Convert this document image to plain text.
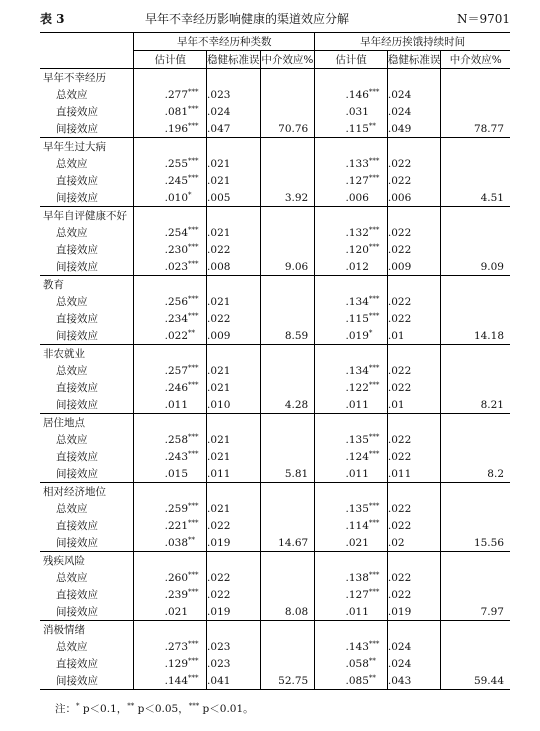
表 3	早年不幸经历影响健康的渠道效应分解	N＝9701
	早年不幸经历种类数			早年经历挨饿持续时间		
	估计值	稳健标准误	中介效应%	估计值	稳健标准误	中介效应%
早年不幸经历						
总效应	.277***	.023		.146***	.024	
直接效应	.081***	.024		.031	.024	
间接效应	.196***	.047	70.76	.115**	.049	78.77
早年生过大病						
总效应	.255***	.021		.133***	.022	
直接效应	.245***	.021		.127***	.022	
间接效应	.010*	.005	3.92	.006	.006	4.51
早年自评健康不好						
总效应	.254***	.021		.132***	.022	
直接效应	.230***	.022		.120***	.022	
间接效应	.023***	.008	9.06	.012	.009	9.09
教育						
总效应	.256***	.021		.134***	.022	
直接效应	.234***	.022		.115***	.022	
间接效应	.022**	.009	8.59	.019*	.01	14.18
非农就业						
总效应	.257***	.021		.134***	.022	
直接效应	.246***	.021		.122***	.022	
间接效应	.011	.010	4.28	.011	.01	8.21
居住地点						
总效应	.258***	.021		.135***	.022	
直接效应	.243***	.021		.124***	.022	
间接效应	.015	.011	5.81	.011	.011	8.2
相对经济地位						
总效应	.259***	.021		.135***	.022	
直接效应	.221***	.022		.114***	.022	
间接效应	.038**	.019	14.67	.021	.02	15.56
残疾风险						
总效应	.260***	.022		.138***	.022	
直接效应	.239***	.022		.127***	.022	
间接效应	.021	.019	8.08	.011	.019	7.97
消极情绪						
总效应	.273***	.023		.143***	.024	
直接效应	.129***	.023		.058**	.024	
间接效应	.144***	.041	52.75	.085**	.043	59.44
注：* p＜0.1，** p＜0.05，*** p＜0.01。
